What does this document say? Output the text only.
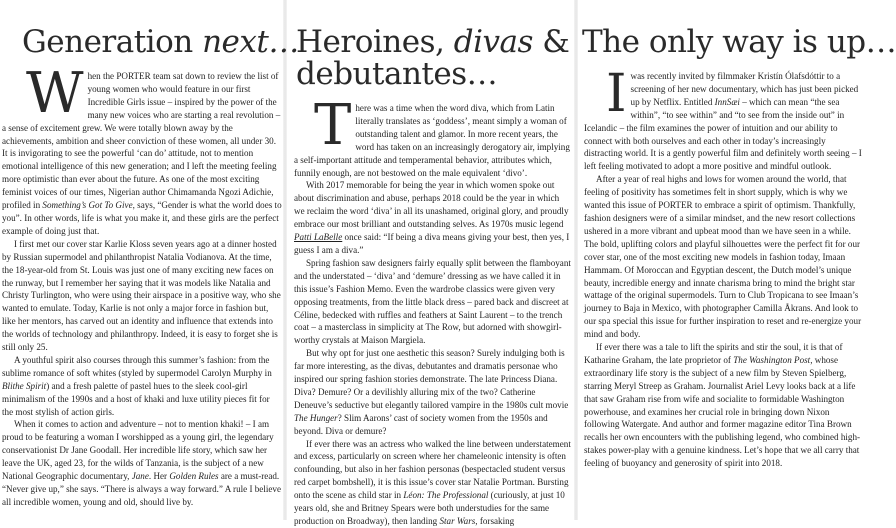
Generation next…
W hen the PORTER team sat down to review the list of young women who would feature in our first Incredible Girls issue – inspired by the power of the many new voices who are starting a real revolution – a sense of excitement grew. We were totally blown away by the achievements, ambition and sheer conviction of these women, all under 30. It is invigorating to see the powerful ‘can do’ attitude, not to mention emotional intelligence of this new generation; and I left the meeting feeling more optimistic than ever about the future. As one of the most exciting feminist voices of our times, Nigerian author Chimamanda Ngozi Adichie, profiled in Something’s Got To Give, says, “Gender is what the world does to you”. In other words, life is what you make it, and these girls are the perfect example of doing just that.

I first met our cover star Karlie Kloss seven years ago at a dinner hosted by Russian supermodel and philanthropist Natalia Vodianova. At the time, the 18-year-old from St. Louis was just one of many exciting new faces on the runway, but I remember her saying that it was models like Natalia and Christy Turlington, who were using their airspace in a positive way, who she wanted to emulate. Today, Karlie is not only a major force in fashion but, like her mentors, has carved out an identity and influence that extends into the worlds of technology and philanthropy. Indeed, it is easy to forget she is still only 25.

A youthful spirit also courses through this summer’s fashion: from the sublime romance of soft whites (styled by supermodel Carolyn Murphy in Blithe Spirit) and a fresh palette of pastel hues to the sleek cool-girl minimalism of the 1990s and a host of khaki and luxe utility pieces fit for the most stylish of action girls.

When it comes to action and adventure – not to mention khaki! – I am proud to be featuring a woman I worshipped as a young girl, the legendary conservationist Dr Jane Goodall. Her incredible life story, which saw her leave the UK, aged 23, for the wilds of Tanzania, is the subject of a new National Geographic documentary, Jane. Her Golden Rules are a must-read. “Never give up,” she says. “There is always a way forward.” A rule I believe all incredible women, young and old, should live by.

Heroines, divas & debutantes…
T here was a time when the word diva, which from Latin literally translates as ‘goddess’, meant simply a woman of outstanding talent and glamor. In more recent years, the word has taken on an increasingly derogatory air, implying a self-important attitude and temperamental behavior, attributes which, funnily enough, are not bestowed on the male equivalent ‘divo’.

With 2017 memorable for being the year in which women spoke out about discrimination and abuse, perhaps 2018 could be the year in which we reclaim the word ‘diva’ in all its unashamed, original glory, and proudly embrace our most brilliant and outstanding selves. As 1970s music legend Patti LaBelle once said: “If being a diva means giving your best, then yes, I guess I am a diva.”

Spring fashion saw designers fairly equally split between the flamboyant and the understated – ‘diva’ and ‘demure’ dressing as we have called it in this issue’s Fashion Memo. Even the wardrobe classics were given very opposing treatments, from the little black dress – pared back and discreet at Céline, bedecked with ruffles and feathers at Saint Laurent – to the trench coat – a masterclass in simplicity at The Row, but adorned with showgirl-worthy crystals at Maison Margiela.

But why opt for just one aesthetic this season? Surely indulging both is far more interesting, as the divas, debutantes and dramatis personae who inspired our spring fashion stories demonstrate. The late Princess Diana. Diva? Demure? Or a devilishly alluring mix of the two? Catherine Deneuve’s seductive but elegantly tailored vampire in the 1980s cult movie The Hunger? Slim Aarons’ cast of society women from the 1950s and beyond. Diva or demure?

If ever there was an actress who walked the line between understatement and excess, particularly on screen where her chameleonic intensity is often confounding, but also in her fashion personas (bespectacled student versus red carpet bombshell), it is this issue’s cover star Natalie Portman. Bursting onto the scene as child star in Léon: The Professional (curiously, at just 10 years old, she and Britney Spears were both understudies for the same production on Broadway), then landing Star Wars, forsaking

The only way is up…
I was recently invited by filmmaker Kristín Ólafsdóttir to a screening of her new documentary, which has just been picked up by Netflix. Entitled InnSæi – which can mean “the sea within”, “to see within” and “to see from the inside out” in Icelandic – the film examines the power of intuition and our ability to connect with both ourselves and each other in today’s increasingly distracting world. It is a gently powerful film and definitely worth seeing – I left feeling motivated to adopt a more positive and mindful outlook.

After a year of real highs and lows for women around the world, that feeling of positivity has sometimes felt in short supply, which is why we wanted this issue of PORTER to embrace a spirit of optimism. Thankfully, fashion designers were of a similar mindset, and the new resort collections ushered in a more vibrant and upbeat mood than we have seen in a while. The bold, uplifting colors and playful silhouettes were the perfect fit for our cover star, one of the most exciting new models in fashion today, Imaan Hammam. Of Moroccan and Egyptian descent, the Dutch model’s unique beauty, incredible energy and innate charisma bring to mind the bright star wattage of the original supermodels. Turn to Club Tropicana to see Imaan’s journey to Baja in Mexico, with photographer Camilla Åkrans. And look to our spa special this issue for further inspiration to reset and re-energize your mind and body.

If ever there was a tale to lift the spirits and stir the soul, it is that of Katharine Graham, the late proprietor of The Washington Post, whose extraordinary life story is the subject of a new film by Steven Spielberg, starring Meryl Streep as Graham. Journalist Ariel Levy looks back at a life that saw Graham rise from wife and socialite to formidable Washington powerhouse, and examines her crucial role in bringing down Nixon following Watergate. And author and former magazine editor Tina Brown recalls her own encounters with the publishing legend, who combined high-stakes power-play with a genuine kindness. Let’s hope that we all carry that feeling of buoyancy and generosity of spirit into 2018.
